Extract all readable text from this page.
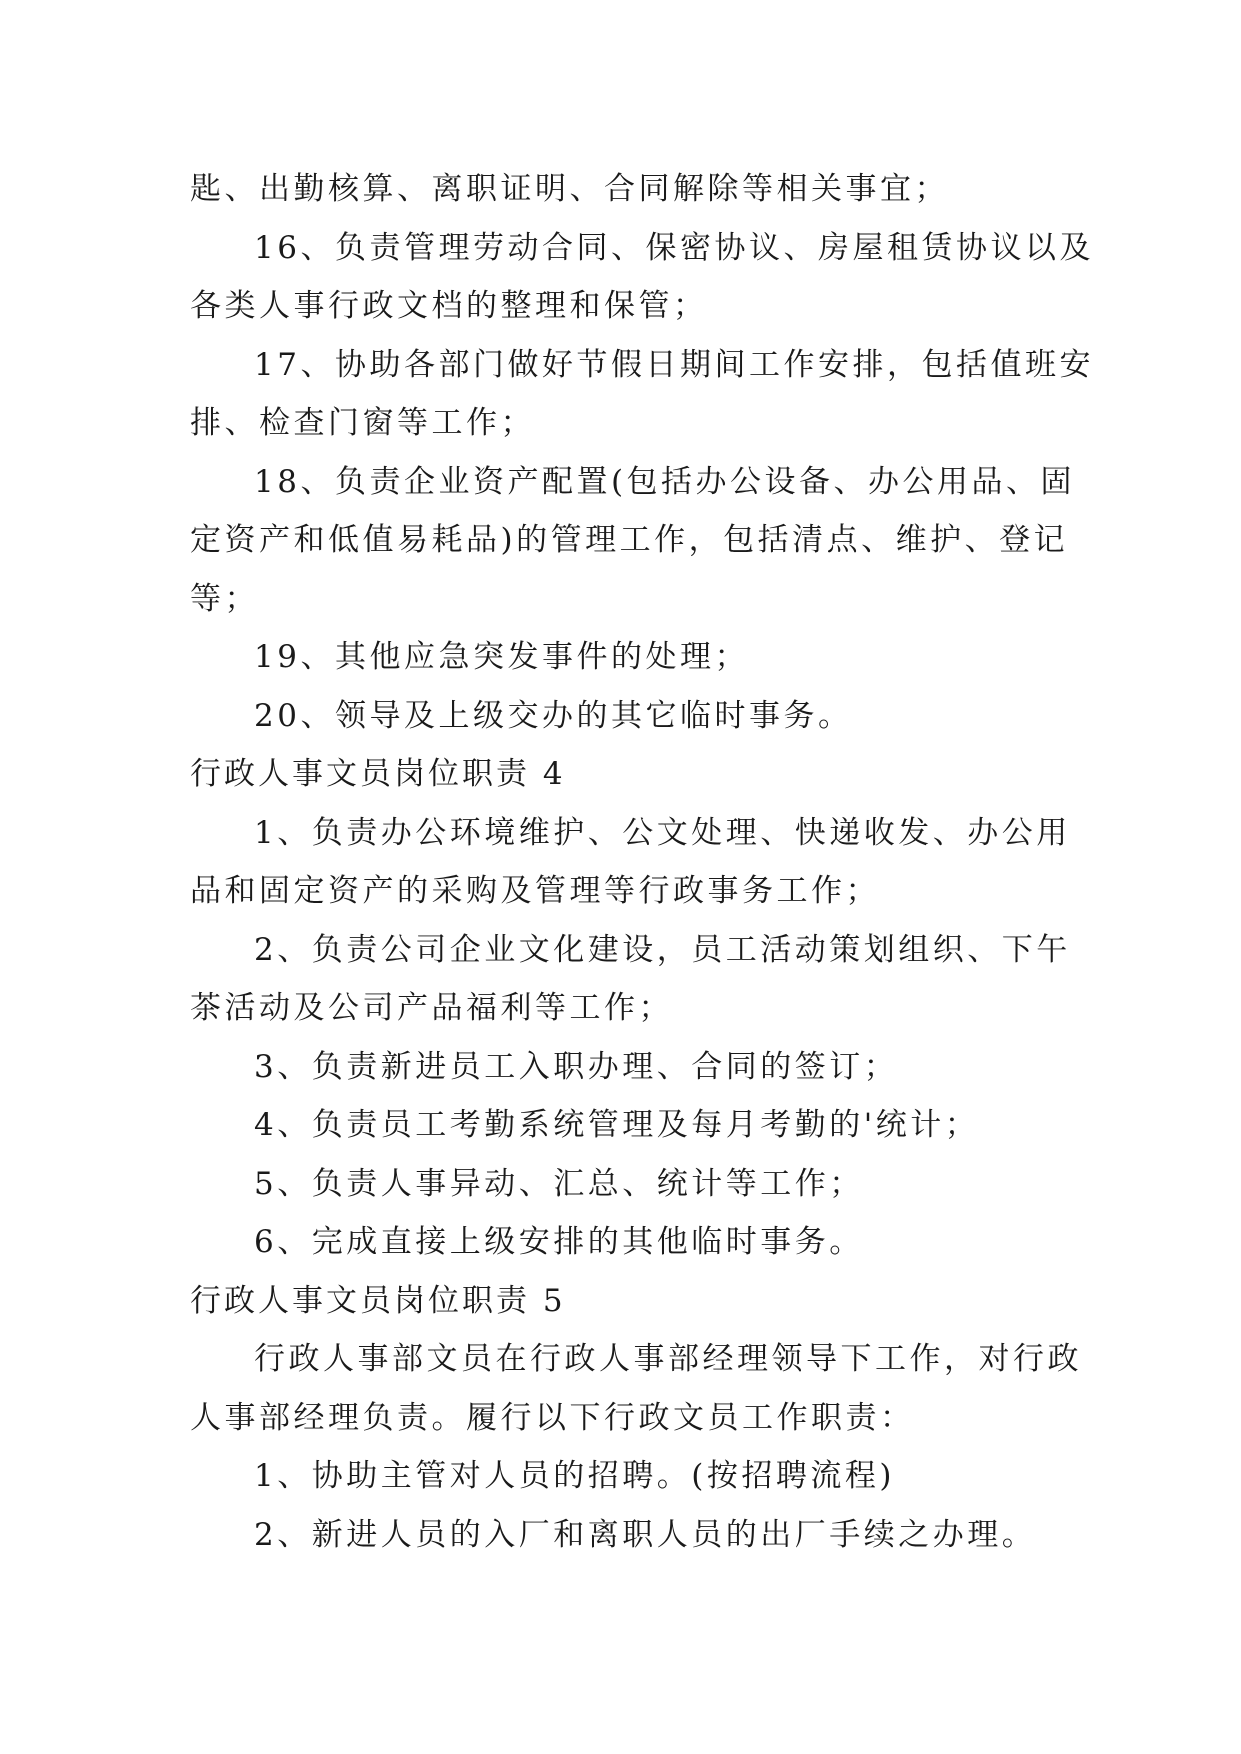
匙、出勤核算、离职证明、合同解除等相关事宜；
16、负责管理劳动合同、保密协议、房屋租赁协议以及
各类人事行政文档的整理和保管；
17、协助各部门做好节假日期间工作安排，包括值班安
排、检查门窗等工作；
18、负责企业资产配置(包括办公设备、办公用品、固
定资产和低值易耗品)的管理工作，包括清点、维护、登记
等；
19、其他应急突发事件的处理；
20、领导及上级交办的其它临时事务。
行政人事文员岗位职责 4
1、负责办公环境维护、公文处理、快递收发、办公用
品和固定资产的采购及管理等行政事务工作；
2、负责公司企业文化建设，员工活动策划组织、下午
茶活动及公司产品福利等工作；
3、负责新进员工入职办理、合同的签订；
4、负责员工考勤系统管理及每月考勤的'统计；
5、负责人事异动、汇总、统计等工作；
6、完成直接上级安排的其他临时事务。
行政人事文员岗位职责 5
行政人事部文员在行政人事部经理领导下工作，对行政
人事部经理负责。履行以下行政文员工作职责：
1、协助主管对人员的招聘。(按招聘流程)
2、新进人员的入厂和离职人员的出厂手续之办理。
